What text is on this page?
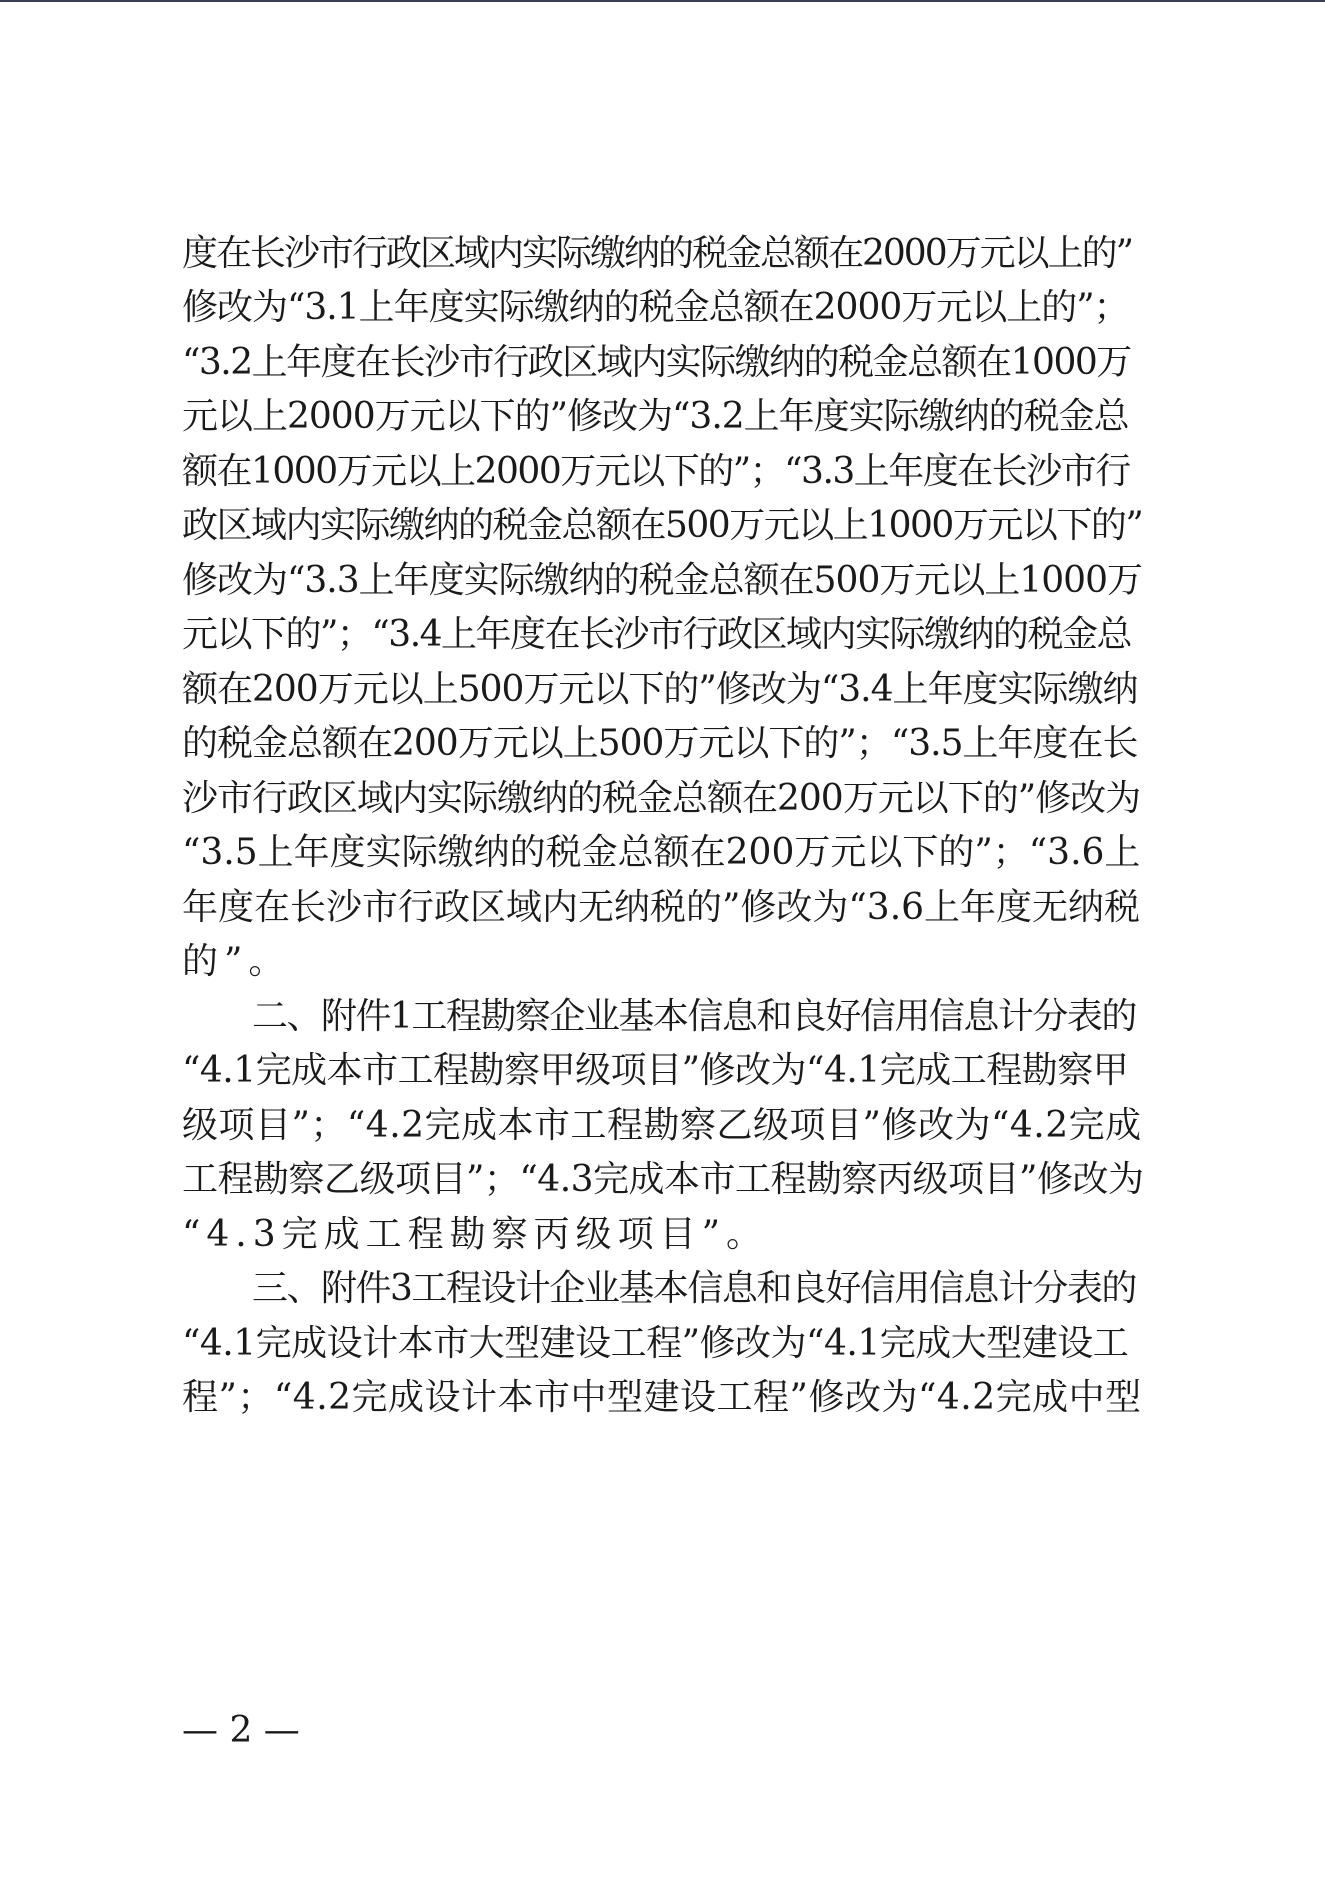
度在长沙市行政区域内实际缴纳的税金总额在2000万元以上的”
修改为“3.1上年度实际缴纳的税金总额在2000万元以上的”；
“3.2上年度在长沙市行政区域内实际缴纳的税金总额在1000万
元以上2000万元以下的”修改为“3.2上年度实际缴纳的税金总
额在1000万元以上2000万元以下的”；“3.3上年度在长沙市行
政区域内实际缴纳的税金总额在500万元以上1000万元以下的”
修改为“3.3上年度实际缴纳的税金总额在500万元以上1000万
元以下的”；“3.4上年度在长沙市行政区域内实际缴纳的税金总
额在200万元以上500万元以下的”修改为“3.4上年度实际缴纳
的税金总额在200万元以上500万元以下的”；“3.5上年度在长
沙市行政区域内实际缴纳的税金总额在200万元以下的”修改为
“3.5上年度实际缴纳的税金总额在200万元以下的”；“3.6上
年度在长沙市行政区域内无纳税的”修改为“3.6上年度无纳税
的”。
二、附件1工程勘察企业基本信息和良好信用信息计分表的
“4.1完成本市工程勘察甲级项目”修改为“4.1完成工程勘察甲
级项目”；“4.2完成本市工程勘察乙级项目”修改为“4.2完成
工程勘察乙级项目”；“4.3完成本市工程勘察丙级项目”修改为
“4.3完成工程勘察丙级项目”。
三、附件3工程设计企业基本信息和良好信用信息计分表的
“4.1完成设计本市大型建设工程”修改为“4.1完成大型建设工
程”；“4.2完成设计本市中型建设工程”修改为“4.2完成中型
— 2 —
